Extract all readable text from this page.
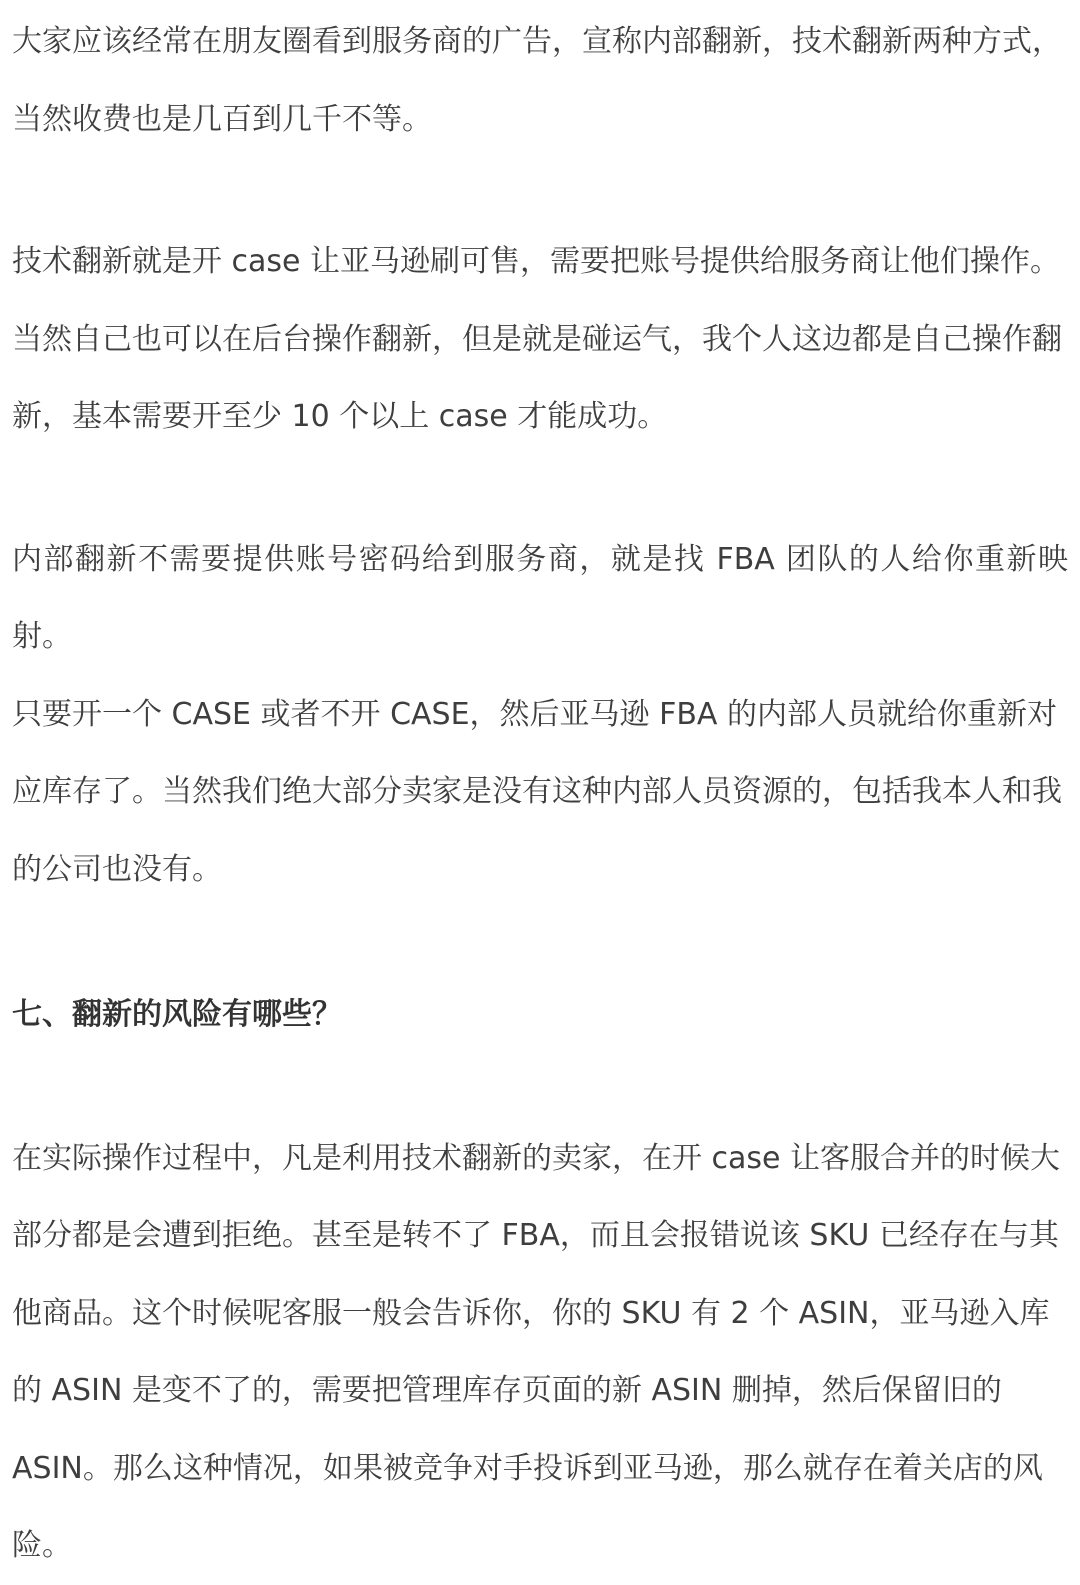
大家应该经常在朋友圈看到服务商的广告，宣称内部翻新，技术翻新两种方式，
当然收费也是几百到几千不等。

技术翻新就是开 case 让亚马逊刷可售，需要把账号提供给服务商让他们操作。
当然自己也可以在后台操作翻新，但是就是碰运气，我个人这边都是自己操作翻
新，基本需要开至少 10 个以上 case 才能成功。

内部翻新不需要提供账号密码给到服务商，就是找 FBA 团队的人给你重新映射。
只要开一个 CASE 或者不开 CASE，然后亚马逊 FBA 的内部人员就给你重新对
应库存了。当然我们绝大部分卖家是没有这种内部人员资源的，包括我本人和我
的公司也没有。

七、翻新的风险有哪些？

在实际操作过程中，凡是利用技术翻新的卖家，在开 case 让客服合并的时候大
部分都是会遭到拒绝。甚至是转不了 FBA，而且会报错说该 SKU 已经存在与其
他商品。这个时候呢客服一般会告诉你，你的 SKU 有 2 个 ASIN，亚马逊入库
的 ASIN 是变不了的，需要把管理库存页面的新 ASIN 删掉，然后保留旧的
ASIN。那么这种情况，如果被竞争对手投诉到亚马逊，那么就存在着关店的风
险。
